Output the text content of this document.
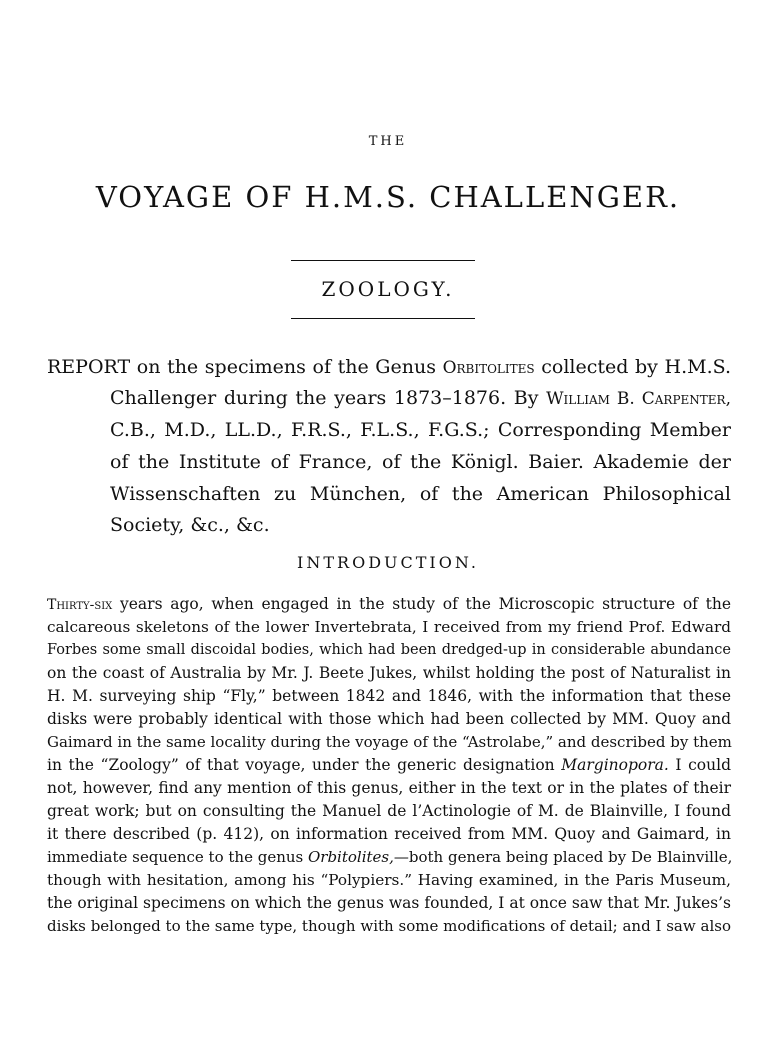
THE
VOYAGE OF H.M.S. CHALLENGER.
ZOOLOGY.
REPORT on the specimens of the Genus Orbitolites collected by H.M.S.
Challenger during the years 1873–1876. By William B. Carpenter,
C.B., M.D., LL.D., F.R.S., F.L.S., F.G.S.; Corresponding Member
of the Institute of France, of the Königl. Baier. Akademie der
Wissenschaften zu München, of the American Philosophical
Society, &c., &c.
INTRODUCTION.
Thirty-six years ago, when engaged in the study of the Microscopic structure of the
calcareous skeletons of the lower Invertebrata, I received from my friend Prof. Edward
Forbes some small discoidal bodies, which had been dredged-up in considerable abundance
on the coast of Australia by Mr. J. Beete Jukes, whilst holding the post of Naturalist in
H. M. surveying ship “Fly,” between 1842 and 1846, with the information that these
disks were probably identical with those which had been collected by MM. Quoy and
Gaimard in the same locality during the voyage of the “Astrolabe,” and described by them
in the “Zoology” of that voyage, under the generic designation Marginopora. I could
not, however, find any mention of this genus, either in the text or in the plates of their
great work; but on consulting the Manuel de l’Actinologie of M. de Blainville, I found
it there described (p. 412), on information received from MM. Quoy and Gaimard, in
immediate sequence to the genus Orbitolites,—both genera being placed by De Blainville,
though with hesitation, among his “Polypiers.” Having examined, in the Paris Museum,
the original specimens on which the genus was founded, I at once saw that Mr. Jukes’s
disks belonged to the same type, though with some modifications of detail; and I saw also
